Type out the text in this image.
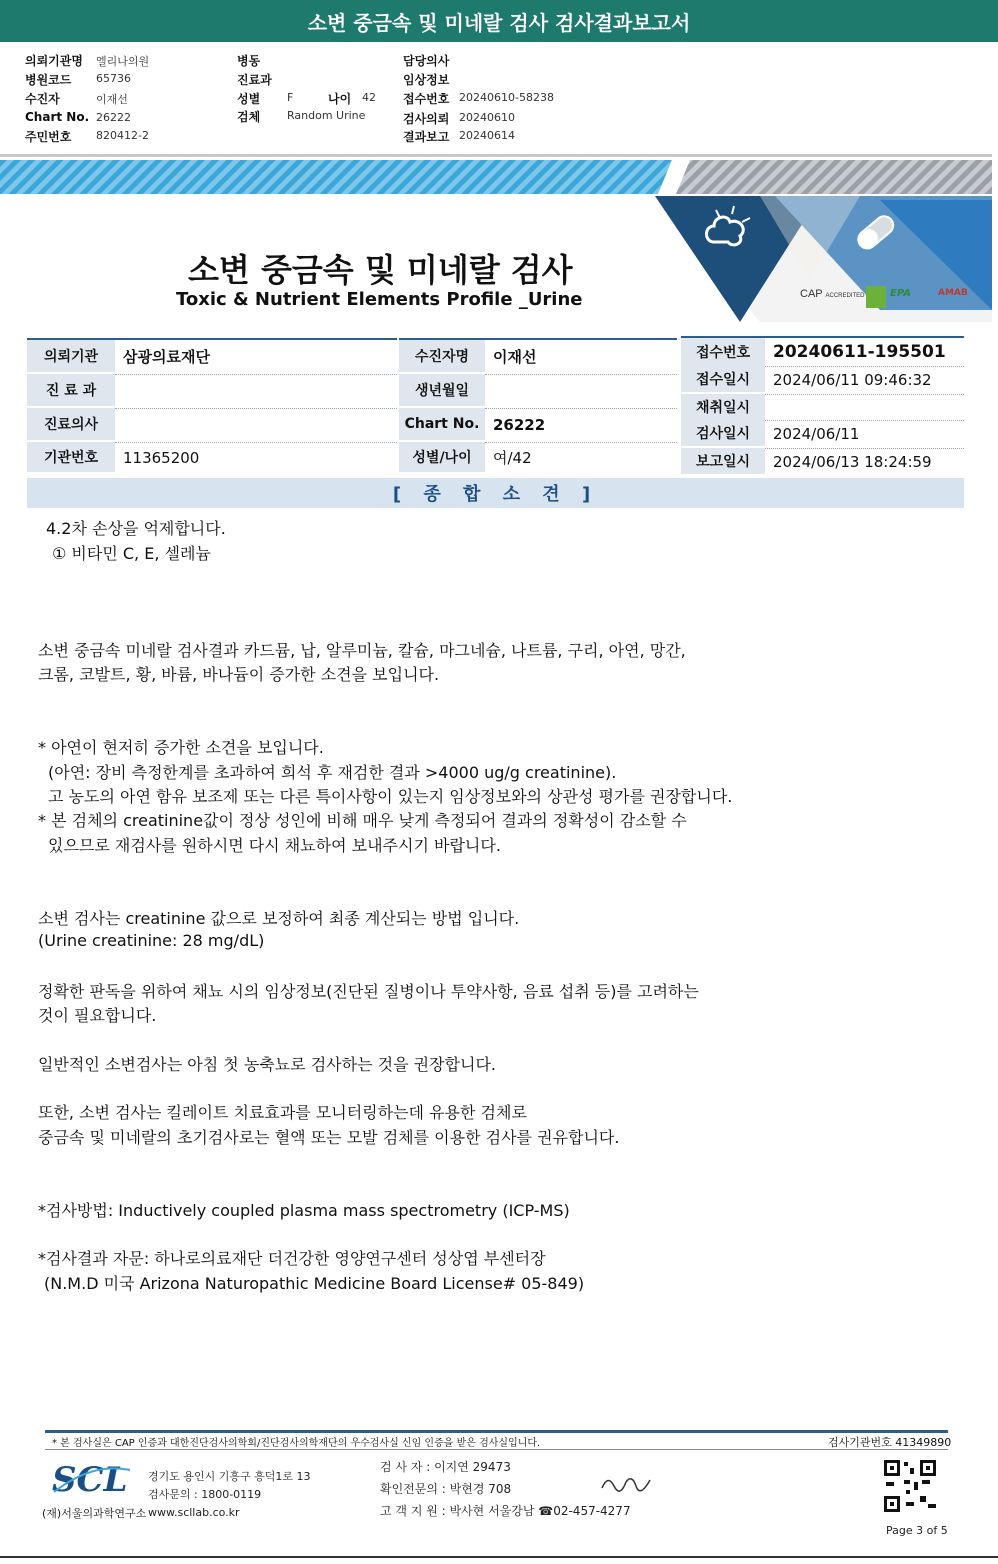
소변 중금속 및 미네랄 검사 검사결과보고서
의뢰기관명 엘리나의원
병원코드 65736
수진자	이재선
Chart No. 26222
주민번호 820412-2
병동
진료과
성별 F	나이 42
검체 Random Urine
담당의사
임상정보
접수번호 20240610-58238
검사의뢰 20240610
결과보고 20240614
CAP ACCREDITED	EPA	AMAB
소변 중금속 및 미네랄 검사
Toxic & Nutrient Elements Profile _Urine
의뢰기관	삼광의료재단
진 료 과
진료의사
기관번호	11365200
수진자명	이재선
생년월일
Chart No. 26222
성별/나이	여/42
접수번호	20240611-195501
접수일시	2024/06/11 09:46:32
채취일시
검사일시	2024/06/11
보고일시	2024/06/13 18:24:59
[ 종 합 소 견 ]
4.2차 손상을 억제합니다.
① 비타민 C, E, 셀레늄
소변 중금속 미네랄 검사결과 카드뮴, 납, 알루미늄, 칼슘, 마그네슘, 나트륨, 구리, 아연, 망간,
크롬, 코발트, 황, 바륨, 바나듐이 증가한 소견을 보입니다.
* 아연이 현저히 증가한 소견을 보입니다.
(아연: 장비 측정한계를 초과하여 희석 후 재검한 결과 >4000 ug/g creatinine).
고 농도의 아연 함유 보조제 또는 다른 특이사항이 있는지 임상정보와의 상관성 평가를 권장합니다.
* 본 검체의 creatinine값이 정상 성인에 비해 매우 낮게 측정되어 결과의 정확성이 감소할 수
있으므로 재검사를 원하시면 다시 채뇨하여 보내주시기 바랍니다.
소변 검사는 creatinine 값으로 보정하여 최종 계산되는 방법 입니다.
(Urine creatinine: 28 mg/dL)
정확한 판독을 위하여 채뇨 시의 임상정보(진단된 질병이나 투약사항, 음료 섭취 등)를 고려하는
것이 필요합니다.
일반적인 소변검사는 아침 첫 농축뇨로 검사하는 것을 권장합니다.
또한, 소변 검사는 킬레이트 치료효과를 모니터링하는데 유용한 검체로
중금속 및 미네랄의 초기검사로는 혈액 또는 모발 검체를 이용한 검사를 권유합니다.
*검사방법: Inductively coupled plasma mass spectrometry (ICP-MS)
*검사결과 자문: 하나로의료재단 더건강한 영양연구센터 성상엽 부센터장
(N.M.D 미국 Arizona Naturopathic Medicine Board License# 05-849)
* 본 검사실은 CAP 인증과 대한진단검사의학회/진단검사의학재단의 우수검사실 신임 인증을 받은 검사실입니다.	검사기관번호 41349890
SCL
(재)서울의과학연구소
경기도 용인시 기흥구 흥덕1로 13
검사문의 : 1800-0119
www.scllab.co.kr
검 사 자 : 이지연 29473
확인전문의 : 박현경 708
고 객 지 원 : 박사현 서울강남 ☎02-457-4277
Page 3 of 5
